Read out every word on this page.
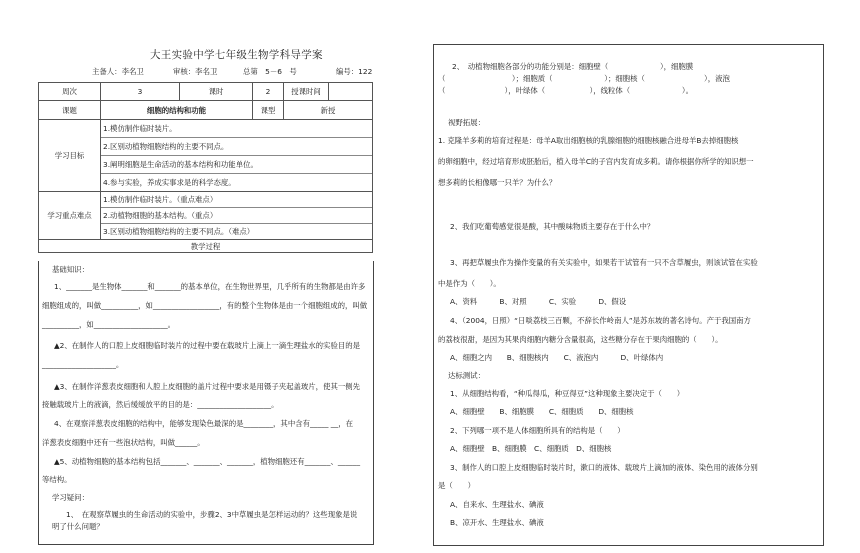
大王实验中学七年级生物学科导学案
主备人：李名卫	审核：李名卫	总第　5－6　号	编号：122
周次	3	课时	2	授课时间	
课题	细胞的结构和功能		课型	新授	
学习目标	1.模仿制作临时装片。
2.区别动植物细胞结构的主要不同点。
3.阐明细胞是生命活动的基本结构和功能单位。
4.参与实验，养成实事求是的科学态度。				

学习重点难点	1.模仿制作临时装片。（重点难点）
2.动植物细胞的基本结构。（重点）
3.区别动植物细胞结构的主要不同点。（难点）				

教学过程					
基础知识：
1、_______是生物体_______和_______的基本单位，在生物世界里，几乎所有的生物都是由许多
细胞组成的，叫做__________，如__________________，有的整个生物体是由一个细胞组成的，叫做
__________，如____________________。
▲2、在制作人的口腔上皮细胞临时装片的过程中要在载玻片上滴上一滴生理盐水的实验目的是
____________________。
▲3、在制作洋葱表皮细胞和人腔上皮细胞的盖片过程中要求是用镊子夹起盖玻片，使其一侧先
接触载玻片上的液滴，然后缓缓放平的目的是：____________________。
4、在观察洋葱表皮细胞的结构中，能够发现染色最深的是________，其中含有_____ __，在
洋葱表皮细胞中还有一些泡状结构，叫做______。
▲5、动植物细胞的基本结构包括_______、_______、_______，植物细胞还有_______、______
等结构。
学习疑问：
1、　在观察草履虫的生命活动的实验中，步骤2、3中草履虫是怎样运动的？这些现象是说
明了什么问题？
2、　动植物细胞各部分的功能分别是：细胞壁（　　　　　　　），细胞膜
（　　　　　　　　　）；细胞质（　　　　　　　）；细胞核（　　　　　　　　），液泡
（　　　　　　　　），叶绿体（　　　　　　），线粒体（　　　　　　　）。
视野拓展：
1. 克隆羊多莉的培育过程是：母羊A取出细胞核的乳腺细胞的细胞核融合进母羊B去掉细胞核
的卵细胞中，经过培育形成胚胎后，植入母羊C的子宫内发育成多莉。请你根据你所学的知识想一
想多莉的长相像哪一只羊？为什么？
2、我们吃葡萄感觉很是酸，其中酸味物质主要存在于什么中？
3、再把草履虫作为操作变量的有关实验中，如果若干试管有一只不含草履虫，则该试管在实验
中是作为（　　）。
A、资料　　　B、对照　　　C、实验　　　D、假设
4、（2004，日照）“日啖荔枝三百颗，不辞长作岭南人”是苏东坡的著名诗句。产于我国南方
的荔枝很甜，是因为其果肉细胞内糖分含量很高，这些糖分存在于果肉细胞的（　　）。
A、细胞之内　　B、细胞核内　　C、液泡内　　　D、叶绿体内
达标测试：
1、从细胞结构看，“种瓜得瓜，种豆得豆”这种现象主要决定于（　　）
A、细胞壁　　B、细胞膜　　C、细胞质　　D、细胞核
2、下列哪一项不是人体细胞所具有的结构是（　　）
A、细胞壁　B、细胞膜　C、细胞质　D、细胞核
3、制作人的口腔上皮细胞临时装片时，漱口的液体、载玻片上滴加的液体、染色用的液体分别
是（　　）
A、自来水、生理盐水、碘液
B、凉开水、生理盐水、碘液
